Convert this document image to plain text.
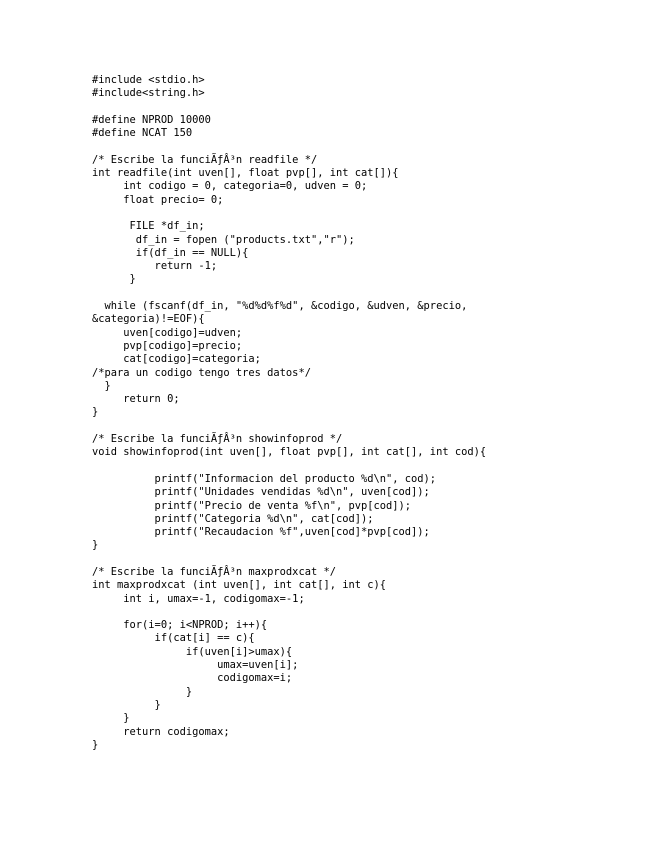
#include <stdio.h>
#include<string.h>
#define NPROD 10000
#define NCAT 150
/* Escribe la funciÃƒÂ³n readfile */
int readfile(int uven[], float pvp[], int cat[]){
int codigo = 0, categoria=0, udven = 0;
float precio= 0;
FILE *df_in;
df_in = fopen ("products.txt","r");
if(df_in == NULL){
return -1;
}
while (fscanf(df_in, "%d%d%f%d", &codigo, &udven, &precio,
&categoria)!=EOF){
uven[codigo]=udven;
pvp[codigo]=precio;
cat[codigo]=categoria;
/*para un codigo tengo tres datos*/
}
return 0;
}
/* Escribe la funciÃƒÂ³n showinfoprod */
void showinfoprod(int uven[], float pvp[], int cat[], int cod){
printf("Informacion del producto %d\n", cod);
printf("Unidades vendidas %d\n", uven[cod]);
printf("Precio de venta %f\n", pvp[cod]);
printf("Categoria %d\n", cat[cod]);
printf("Recaudacion %f",uven[cod]*pvp[cod]);
}
/* Escribe la funciÃƒÂ³n maxprodxcat */
int maxprodxcat (int uven[], int cat[], int c){
int i, umax=-1, codigomax=-1;
for(i=0; i<NPROD; i++){
if(cat[i] == c){
if(uven[i]>umax){
umax=uven[i];
codigomax=i;
}
}
}
return codigomax;
}
